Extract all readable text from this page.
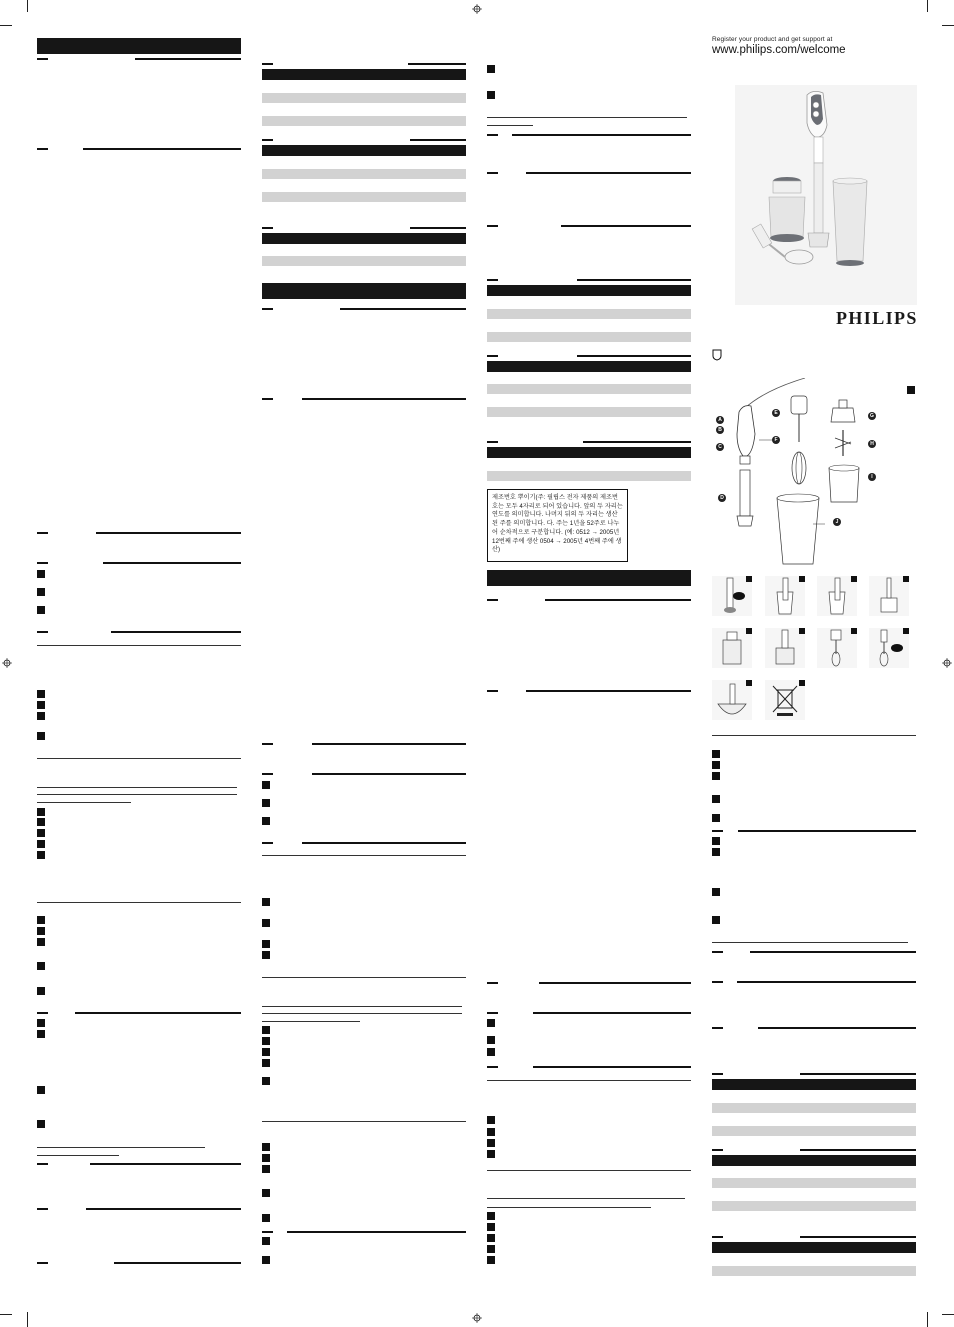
제조번호 뿌이기(주: 필립스 전자 제품의 제조번호는 모두 4자리로 되어 있습니다. 앞의 두 자리는 연도를 의미합니다. 나머지 뒤의 두 자리는 생산된 주를 의미합니다. 다. 주는 1년을 52주로 나누어 순차적으로 구분합니다. (예: 0512 → 2005년 12번째 주에 생산 0504 → 2005년 4번째 주에 생산)
Register your product and get support at
www.philips.com/welcome
PHILIPS
A
B
C
D
E
F
G
H
I
J
